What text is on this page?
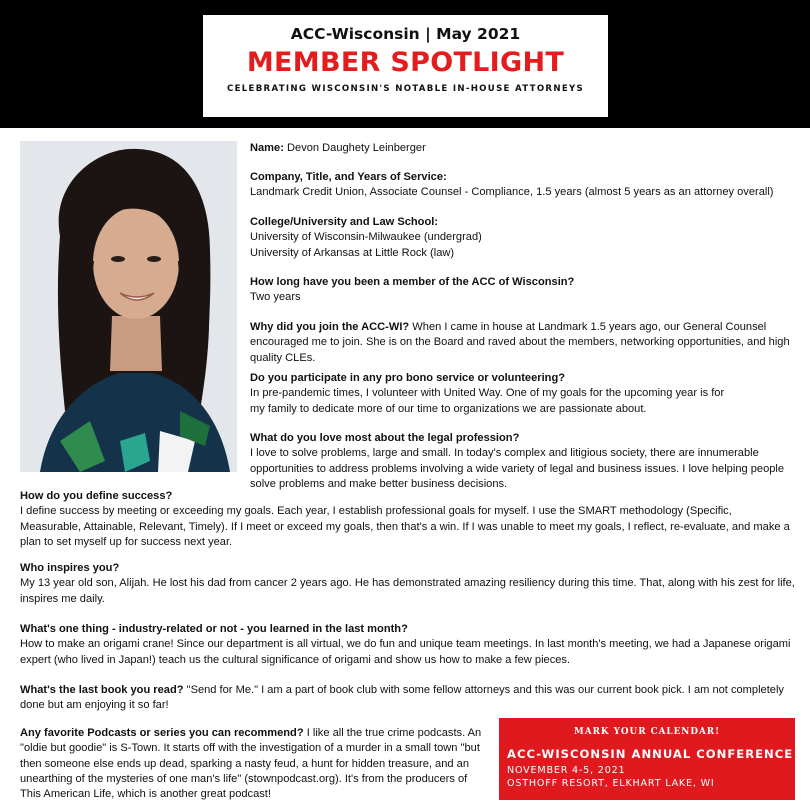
ACC-Wisconsin | May 2021
MEMBER SPOTLIGHT
CELEBRATING WISCONSIN'S NOTABLE IN-HOUSE ATTORNEYS
Name: Devon Daughety Leinberger
Company, Title, and Years of Service:
Landmark Credit Union, Associate Counsel - Compliance, 1.5 years (almost 5 years as an attorney overall)
College/University and Law School:
University of Wisconsin-Milwaukee (undergrad)
University of Arkansas at Little Rock (law)
How long have you been a member of the ACC of Wisconsin?
Two years
Why did you join the ACC-WI? When I came in house at Landmark 1.5 years ago, our General Counsel encouraged me to join. She is on the Board and raved about the members, networking opportunities, and high quality CLEs.
Do you participate in any pro bono service or volunteering?
In pre-pandemic times, I volunteer with United Way. One of my goals for the upcoming year is for my family to dedicate more of our time to organizations we are passionate about.
What do you love most about the legal profession?
I love to solve problems, large and small. In today's complex and litigious society, there are innumerable opportunities to address problems involving a wide variety of legal and business issues. I love helping people solve problems and make better business decisions.
How do you define success?
I define success by meeting or exceeding my goals. Each year, I establish professional goals for myself. I use the SMART methodology (Specific, Measurable, Attainable, Relevant, Timely). If I meet or exceed my goals, then that's a win. If I was unable to meet my goals, I reflect, re-evaluate, and make a plan to set myself up for success next year.
Who inspires you?
My 13 year old son, Alijah. He lost his dad from cancer 2 years ago. He has demonstrated amazing resiliency during this time. That, along with his zest for life, inspires me daily.
What's one thing - industry-related or not - you learned in the last month?
How to make an origami crane! Since our department is all virtual, we do fun and unique team meetings. In last month's meeting, we had a Japanese origami expert (who lived in Japan!) teach us the cultural significance of origami and show us how to make a few pieces.
What's the last book you read? "Send for Me." I am a part of book club with some fellow attorneys and this was our current book pick. I am not completely done but am enjoying it so far!
Any favorite Podcasts or series you can recommend? I like all the true crime podcasts. An "oldie but goodie" is S-Town. It starts off with the investigation of a murder in a small town "but then someone else ends up dead, sparking a nasty feud, a hunt for hidden treasure, and an unearthing of the mysteries of one man's life" (stownpodcast.org). It's from the producers of This American Life, which is another great podcast!
MARK YOUR CALENDAR!
ACC-WISCONSIN ANNUAL CONFERENCE
NOVEMBER 4-5, 2021
OSTHOFF RESORT, ELKHART LAKE, WI
